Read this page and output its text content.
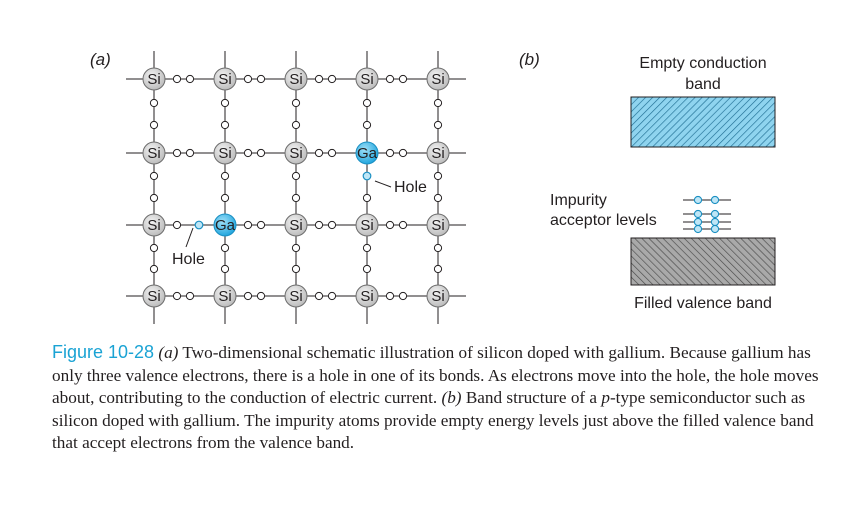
(a)
Si	Si	Si	Si	Si
Si	Si	Si	Ga	Si
Si	Ga	Si	Si	Si
Si	Si	Si	Si	Si
Hole
Hole
(b)	Empty conduction
band
Impurity
acceptor levels
Filled valence band

Figure 10-28 (a) Two-dimensional schematic illustration of silicon doped with gallium. Because gallium has only three valence electrons, there is a hole in one of its bonds. As electrons move into the hole, the hole moves about, contributing to the conduction of electric current. (b) Band structure of a p-type semiconductor such as silicon doped with gallium. The impurity atoms provide empty energy levels just above the filled valence band that accept electrons from the valence band.
